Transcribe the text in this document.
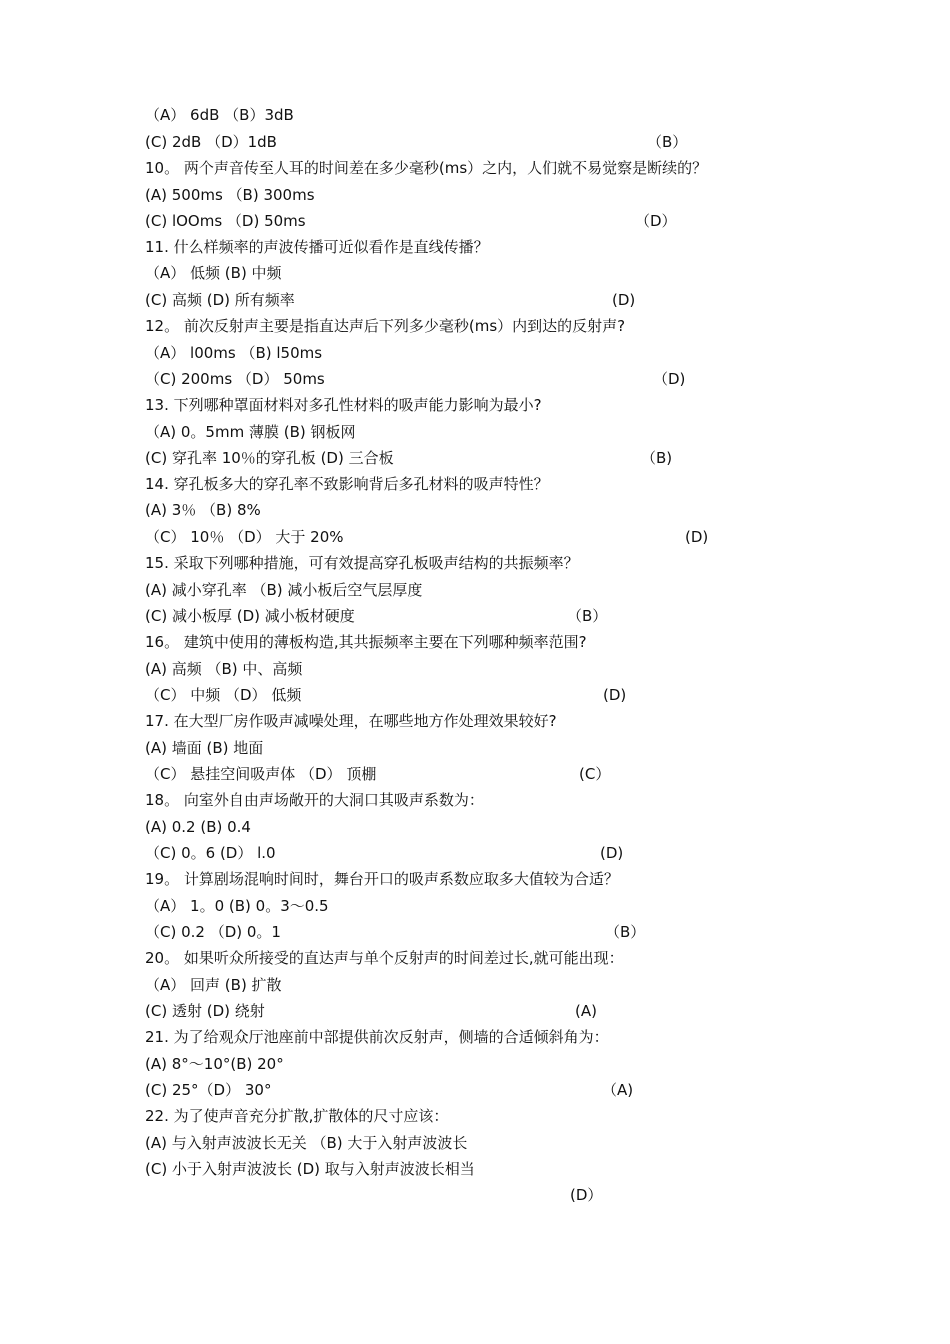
（A） 6dB （B）3dB
(C) 2dB （D）1dB	（B）
10。 两个声音传至人耳的时间差在多少毫秒(ms）之内，人们就不易觉察是断续的？
(A) 500ms （B) 300ms
(C) lOOms （D) 50ms	（D）
11. 什么样频率的声波传播可近似看作是直线传播？
（A） 低频 (B) 中频
(C) 高频 (D) 所有频率	(D)
12。 前次反射声主要是指直达声后下列多少毫秒(ms）内到达的反射声?
（A） l00ms （B) l50ms
（C) 200ms （D） 50ms	（D)
13. 下列哪种罩面材料对多孔性材料的吸声能力影响为最小?
（A) 0。5mm 薄膜 (B) 钢板网
(C) 穿孔率 10％的穿孔板 (D) 三合板	（B)
14. 穿孔板多大的穿孔率不致影响背后多孔材料的吸声特性？
(A) 3％ （B) 8%
（C） 10％ （D） 大于 20%	(D)
15. 采取下列哪种措施，可有效提高穿孔板吸声结构的共振频率？
(A) 减小穿孔率 （B) 减小板后空气层厚度
(C) 减小板厚 (D) 减小板材硬度	（B）
16。 建筑中使用的薄板构造,其共振频率主要在下列哪种频率范围?
(A) 高频 （B) 中、高频
（C） 中频 （D） 低频	(D)
17. 在大型厂房作吸声减噪处理，在哪些地方作处理效果较好?
(A) 墙面 (B) 地面
（C） 悬挂空间吸声体 （D） 顶棚	(C）
18。 向室外自由声场敞开的大洞口其吸声系数为：
(A) 0.2 (B) 0.4
（C) 0。6 (D） l.0	(D)
19。 计算剧场混响时间时，舞台开口的吸声系数应取多大值较为合适？
（A） 1。0 (B) 0。3～0.5
（C) 0.2 （D) 0。1	（B）
20。 如果听众所接受的直达声与单个反射声的时间差过长,就可能出现：
（A） 回声 (B) 扩散
(C) 透射 (D) 绕射	(A)
21. 为了给观众厅池座前中部提供前次反射声，侧墙的合适倾斜角为：
(A) 8°～10°(B) 20°
(C) 25°（D） 30°	（A)
22. 为了使声音充分扩散,扩散体的尺寸应该：
(A) 与入射声波波长无关 （B) 大于入射声波波长
(C) 小于入射声波波长 (D) 取与入射声波波长相当
(D）
